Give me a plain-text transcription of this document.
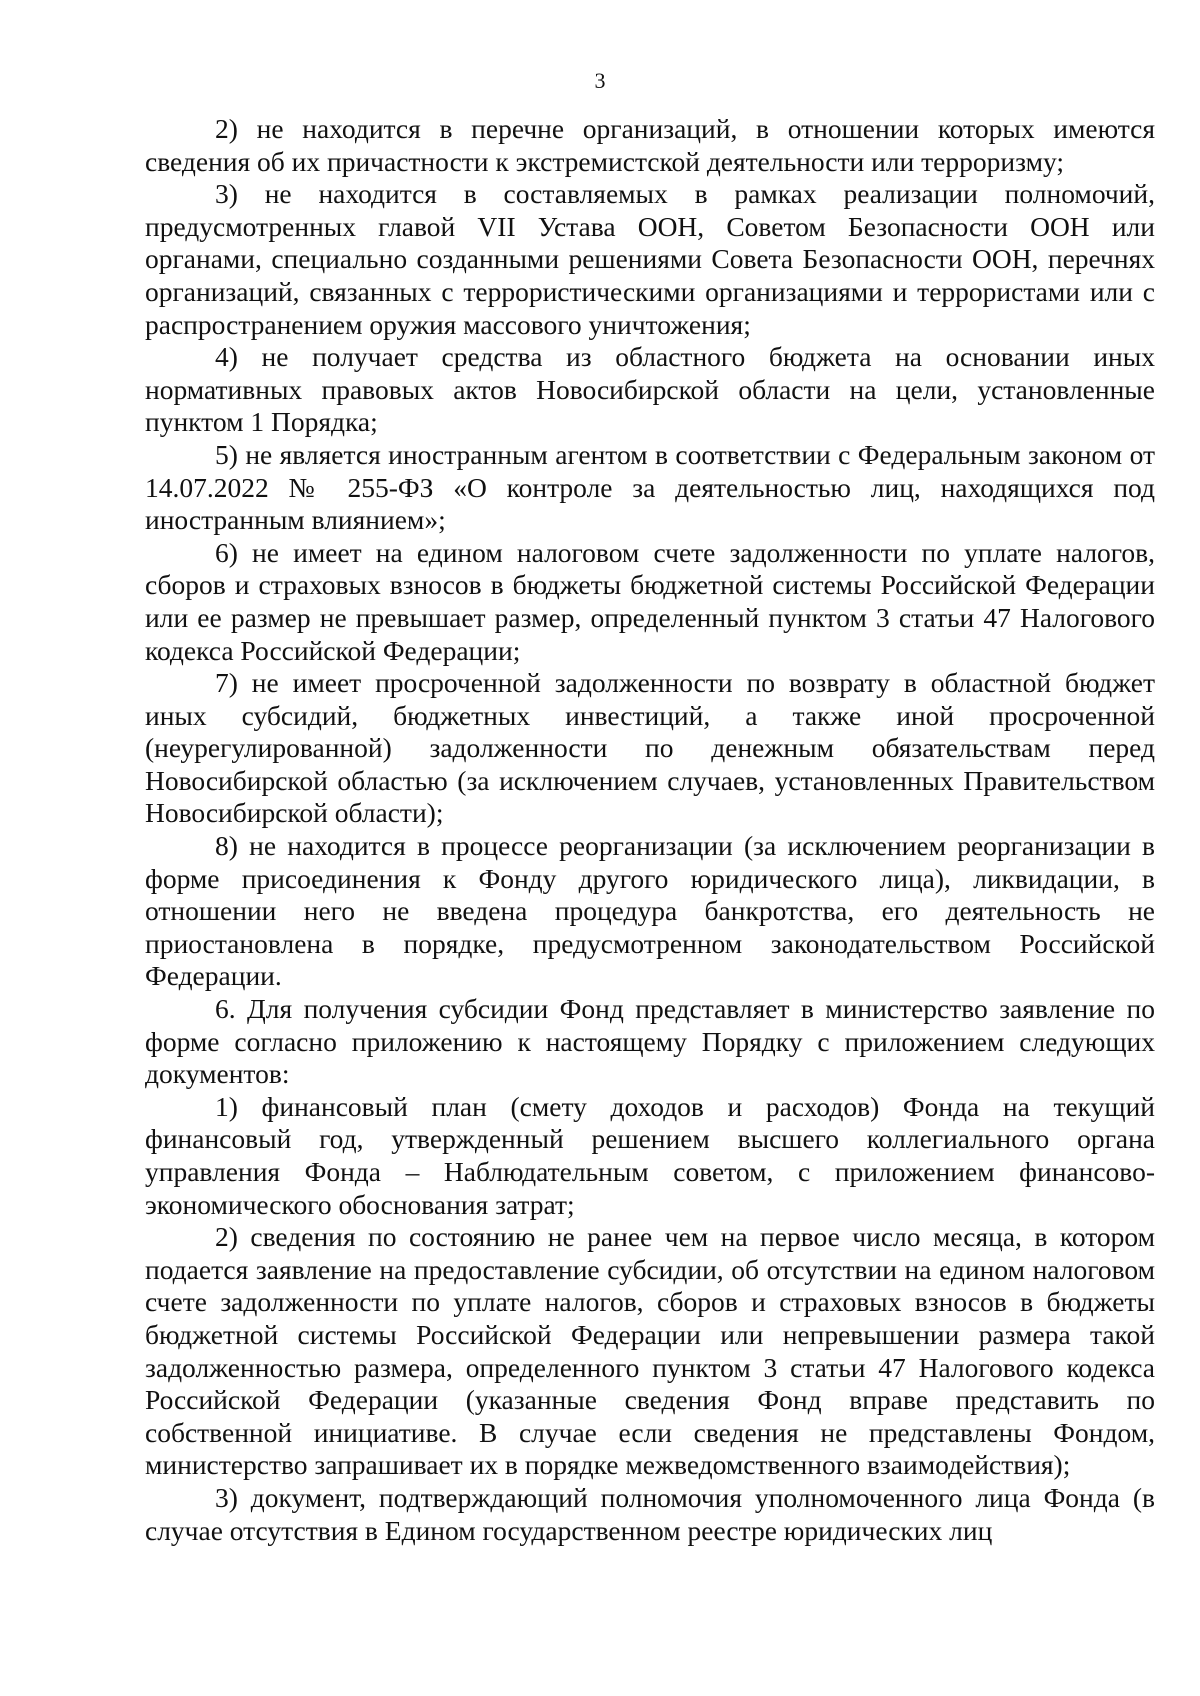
3

2) не находится в перечне организаций, в отношении которых имеются сведения об их причастности к экстремистской деятельности или терроризму;

3) не находится в составляемых в рамках реализации полномочий, предусмотренных главой VII Устава ООН, Советом Безопасности ООН или органами, специально созданными решениями Совета Безопасности ООН, перечнях организаций, связанных с террористическими организациями и террористами или с распространением оружия массового уничтожения;

4) не получает средства из областного бюджета на основании иных нормативных правовых актов Новосибирской области на цели, установленные пунктом 1 Порядка;

5) не является иностранным агентом в соответствии с Федеральным законом от 14.07.2022 № 255-ФЗ «О контроле за деятельностью лиц, находящихся под иностранным влиянием»;

6) не имеет на едином налоговом счете задолженности по уплате налогов, сборов и страховых взносов в бюджеты бюджетной системы Российской Федерации или ее размер не превышает размер, определенный пунктом 3 статьи 47 Налогового кодекса Российской Федерации;

7) не имеет просроченной задолженности по возврату в областной бюджет иных субсидий, бюджетных инвестиций, а также иной просроченной (неурегулированной) задолженности по денежным обязательствам перед Новосибирской областью (за исключением случаев, установленных Правительством Новосибирской области);

8) не находится в процессе реорганизации (за исключением реорганизации в форме присоединения к Фонду другого юридического лица), ликвидации, в отношении него не введена процедура банкротства, его деятельность не приостановлена в порядке, предусмотренном законодательством Российской Федерации.

6. Для получения субсидии Фонд представляет в министерство заявление по форме согласно приложению к настоящему Порядку с приложением следующих документов:

1) финансовый план (смету доходов и расходов) Фонда на текущий финансовый год, утвержденный решением высшего коллегиального органа управления Фонда – Наблюдательным советом, с приложением финансово-экономического обоснования затрат;

2) сведения по состоянию не ранее чем на первое число месяца, в котором подается заявление на предоставление субсидии, об отсутствии на едином налоговом счете задолженности по уплате налогов, сборов и страховых взносов в бюджеты бюджетной системы Российской Федерации или непревышении размера такой задолженностью размера, определенного пунктом 3 статьи 47 Налогового кодекса Российской Федерации (указанные сведения Фонд вправе представить по собственной инициативе. В случае если сведения не представлены Фондом, министерство запрашивает их в порядке межведомственного взаимодействия);

3) документ, подтверждающий полномочия уполномоченного лица Фонда (в случае отсутствия в Едином государственном реестре юридических лиц
